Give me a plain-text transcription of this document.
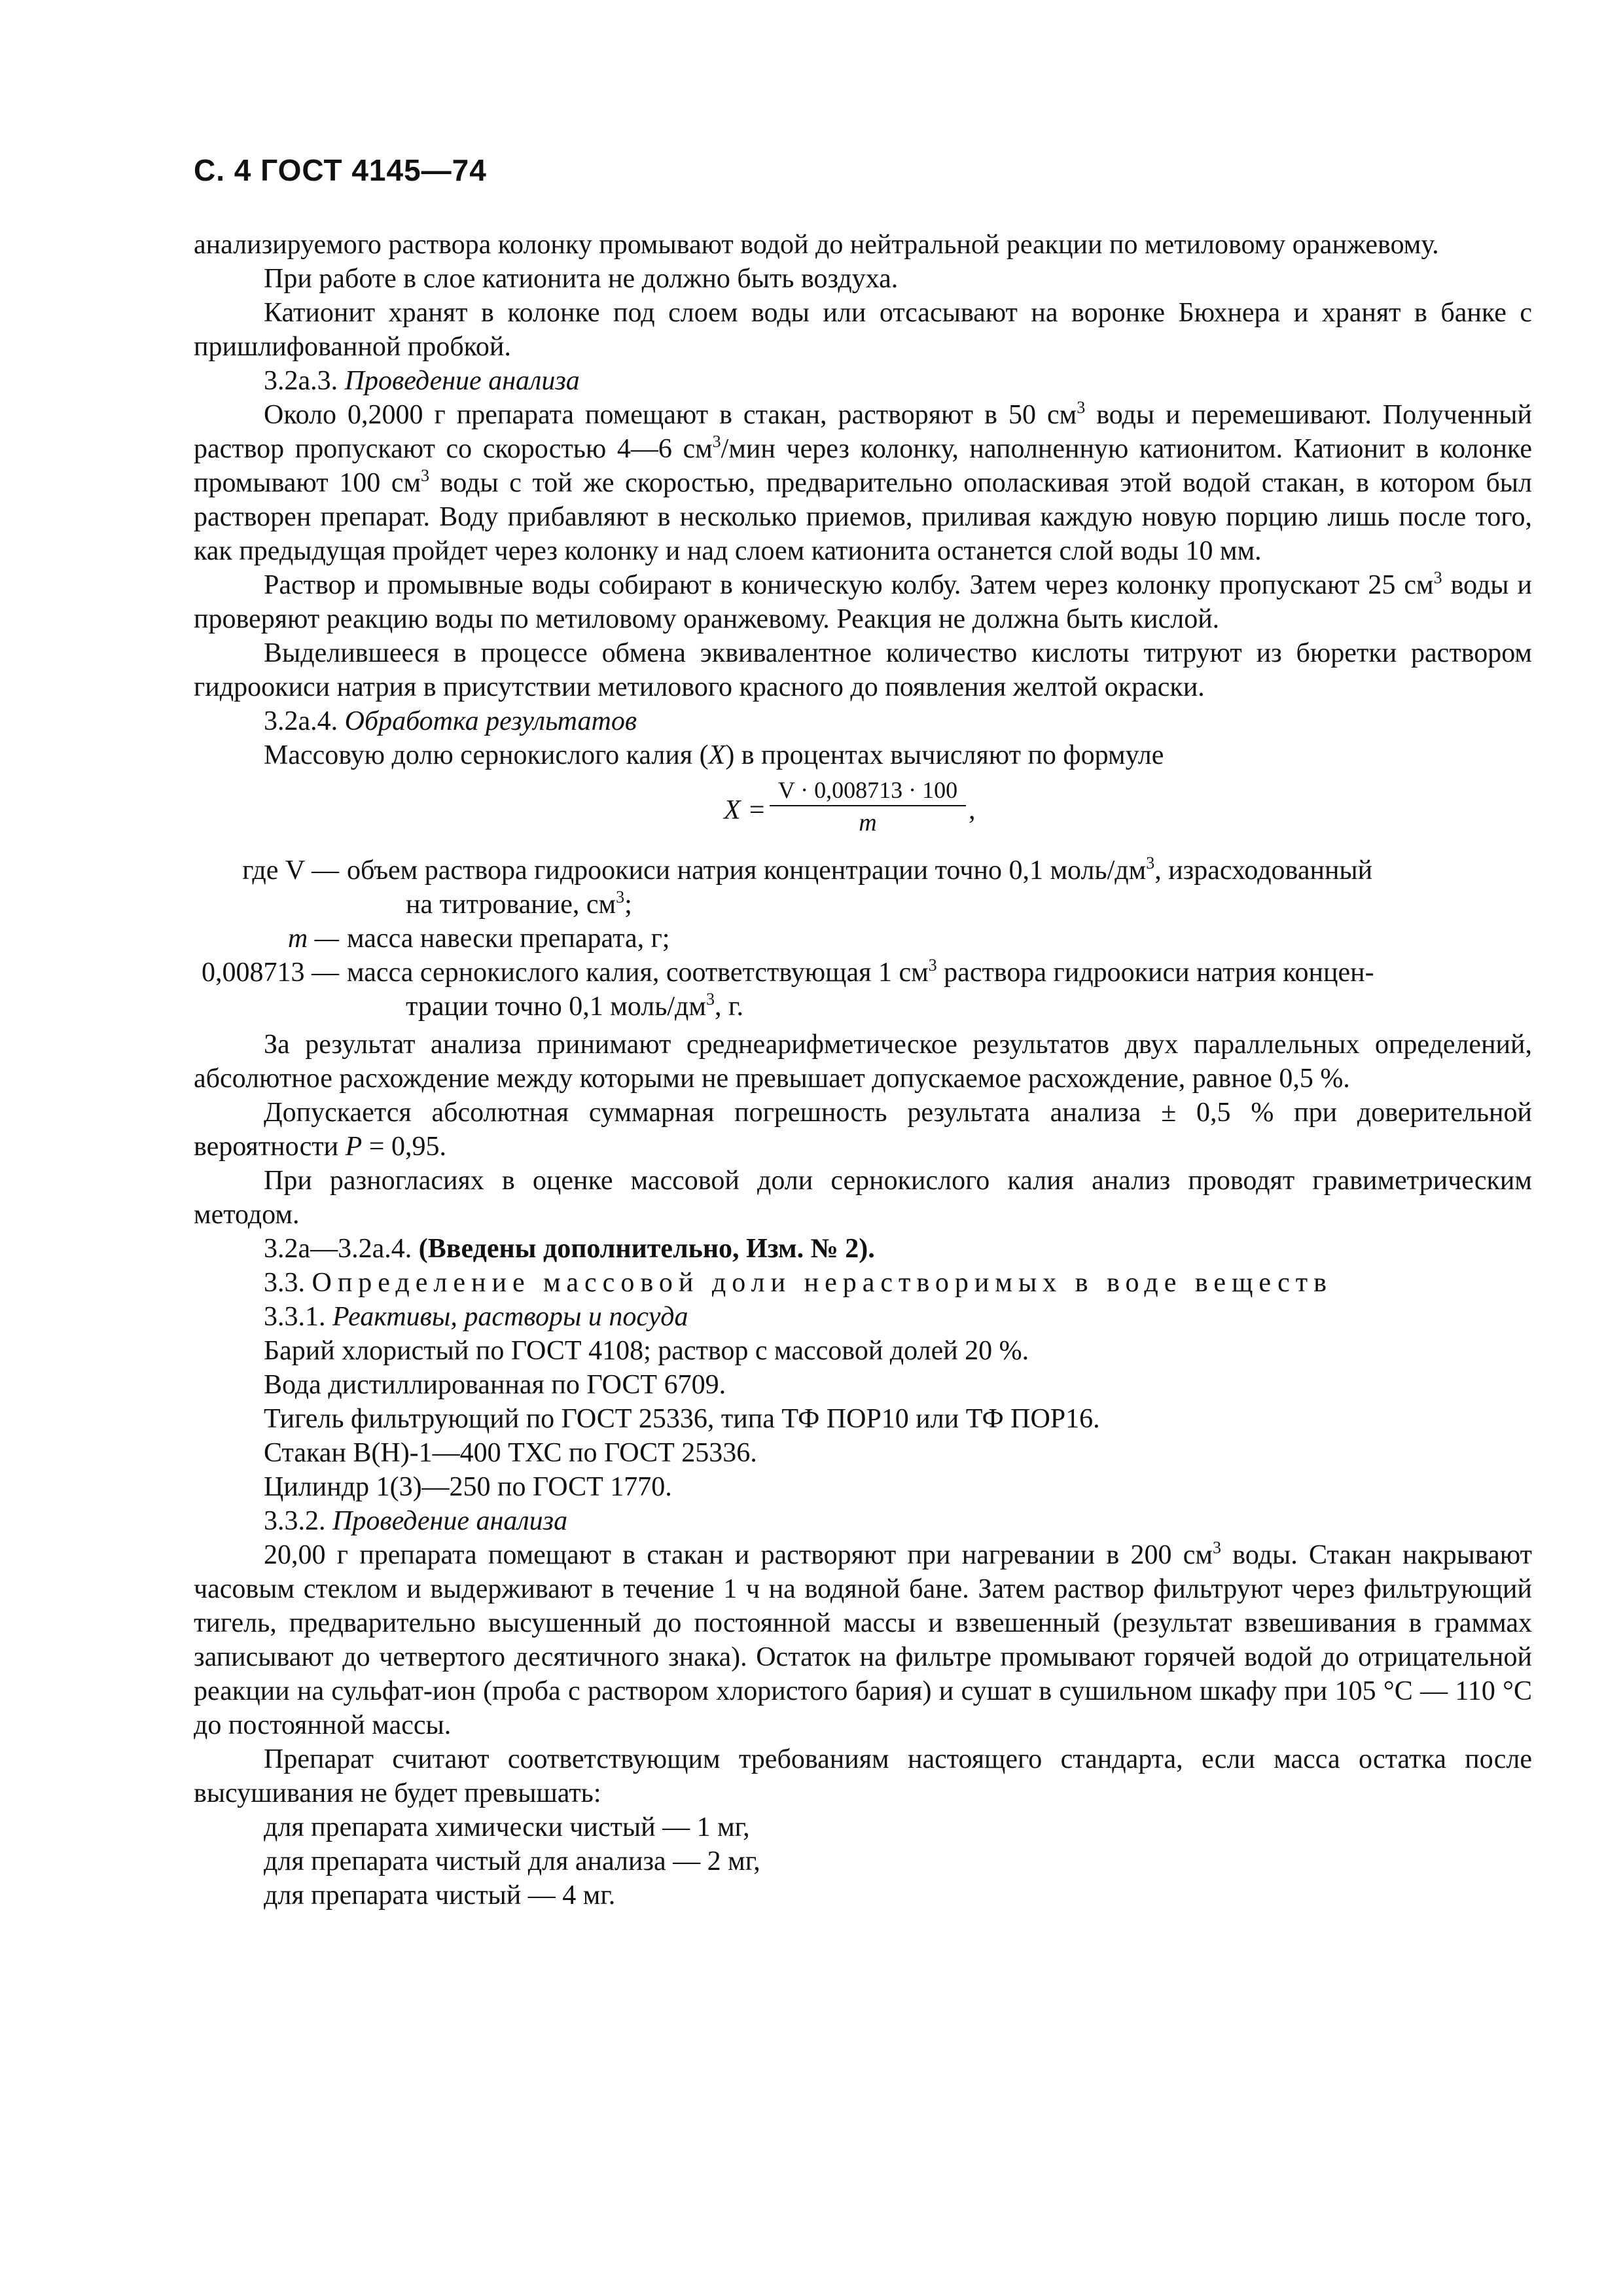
С. 4 ГОСТ 4145—74

анализируемого раствора колонку промывают водой до нейтральной реакции по метиловому оранжевому.

При работе в слое катионита не должно быть воздуха.

Катионит хранят в колонке под слоем воды или отсасывают на воронке Бюхнера и хранят в банке с пришлифованной пробкой.

3.2а.3. Проведение анализа

Около 0,2000 г препарата помещают в стакан, растворяют в 50 $см^3$ воды и перемешивают. Полученный раствор пропускают со скоростью 4—6 $см^3$/мин через колонку, наполненную катионитом. Катионит в колонке промывают 100 $см^3$ воды с той же скоростью, предварительно ополаскивая этой водой стакан, в котором был растворен препарат. Воду прибавляют в несколько приемов, приливая каждую новую порцию лишь после того, как предыдущая пройдет через колонку и над слоем катионита останется слой воды 10 мм.

Раствор и промывные воды собирают в коническую колбу. Затем через колонку пропускают 25 $см^3$ воды и проверяют реакцию воды по метиловому оранжевому. Реакция не должна быть кислой.

Выделившееся в процессе обмена эквивалентное количество кислоты титруют из бюретки раствором гидроокиси натрия в присутствии метилового красного до появления желтой окраски.

3.2а.4. Обработка результатов

Массовую долю сернокислого калия (X) в процентах вычисляют по формуле

$X = \frac{V \cdot 0,008713 \cdot 100}{m}$ ,
где V — объем раствора гидроокиси натрия концентрации точно 0,1 моль/$дм^3$, израсходованный
на титрование, $см^3$;
m — масса навески препарата, г;
0,008713 — масса сернокислого калия, соответствующая 1 $см^3$ раствора гидроокиси натрия концен-
трации точно 0,1 моль/$дм^3$, г.

За результат анализа принимают среднеарифметическое результатов двух параллельных определений, абсолютное расхождение между которыми не превышает допускаемое расхождение, равное 0,5 %.

Допускается абсолютная суммарная погрешность результата анализа ± 0,5 % при доверительной вероятности P = 0,95.

При разногласиях в оценке массовой доли сернокислого калия анализ проводят гравиметрическим методом.

3.2а—3.2а.4. (Введены дополнительно, Изм. № 2).

3.3. Определение массовой доли нерастворимых в воде веществ

3.3.1. Реактивы, растворы и посуда

Барий хлористый по ГОСТ 4108; раствор с массовой долей 20 %.

Вода дистиллированная по ГОСТ 6709.

Тигель фильтрующий по ГОСТ 25336, типа ТФ ПОР10 или ТФ ПОР16.

Стакан В(Н)-1—400 ТХС по ГОСТ 25336.

Цилиндр 1(3)—250 по ГОСТ 1770.

3.3.2. Проведение анализа

20,00 г препарата помещают в стакан и растворяют при нагревании в 200 $см^3$ воды. Стакан накрывают часовым стеклом и выдерживают в течение 1 ч на водяной бане. Затем раствор фильтруют через фильтрующий тигель, предварительно высушенный до постоянной массы и взвешенный (результат взвешивания в граммах записывают до четвертого десятичного знака). Остаток на фильтре промывают горячей водой до отрицательной реакции на сульфат-ион (проба с раствором хлористого бария) и сушат в сушильном шкафу при 105 °С — 110 °С до постоянной массы.

Препарат считают соответствующим требованиям настоящего стандарта, если масса остатка после высушивания не будет превышать:

для препарата химически чистый — 1 мг,

для препарата чистый для анализа — 2 мг,

для препарата чистый — 4 мг.
